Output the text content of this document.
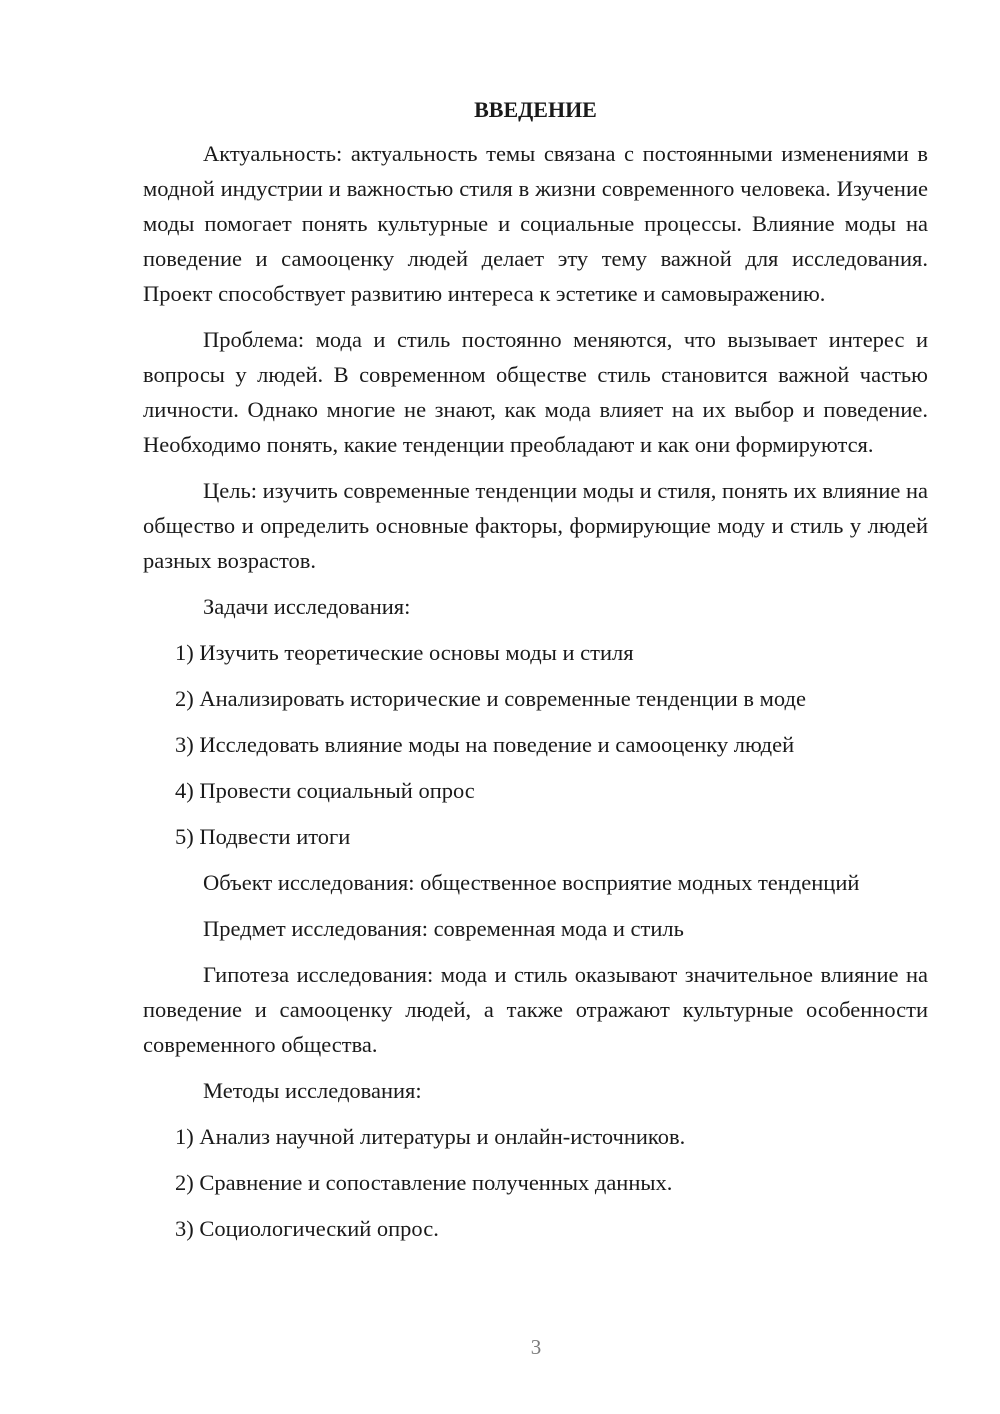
ВВЕДЕНИЕ

Актуальность: актуальность темы связана с постоянными изменениями в модной индустрии и важностью стиля в жизни современного человека. Изучение моды помогает понять культурные и социальные процессы. Влияние моды на поведение и самооценку людей делает эту тему важной для исследования. Проект способствует развитию интереса к эстетике и самовыражению.

Проблема: мода и стиль постоянно меняются, что вызывает интерес и вопросы у людей. В современном обществе стиль становится важной частью личности. Однако многие не знают, как мода влияет на их выбор и поведение. Необходимо понять, какие тенденции преобладают и как они формируются.

Цель: изучить современные тенденции моды и стиля, понять их влияние на общество и определить основные факторы, формирующие моду и стиль у людей разных возрастов.

Задачи исследования:

1) Изучить теоретические основы моды и стиля

2) Анализировать исторические и современные тенденции в моде

3) Исследовать влияние моды на поведение и самооценку людей

4) Провести социальный опрос

5) Подвести итоги

Объект исследования: общественное восприятие модных тенденций

Предмет исследования: современная мода и стиль

Гипотеза исследования: мода и стиль оказывают значительное влияние на поведение и самооценку людей, а также отражают культурные особенности современного общества.

Методы исследования:

1) Анализ научной литературы и онлайн-источников.

2) Сравнение и сопоставление полученных данных.

3) Социологический опрос.

3
